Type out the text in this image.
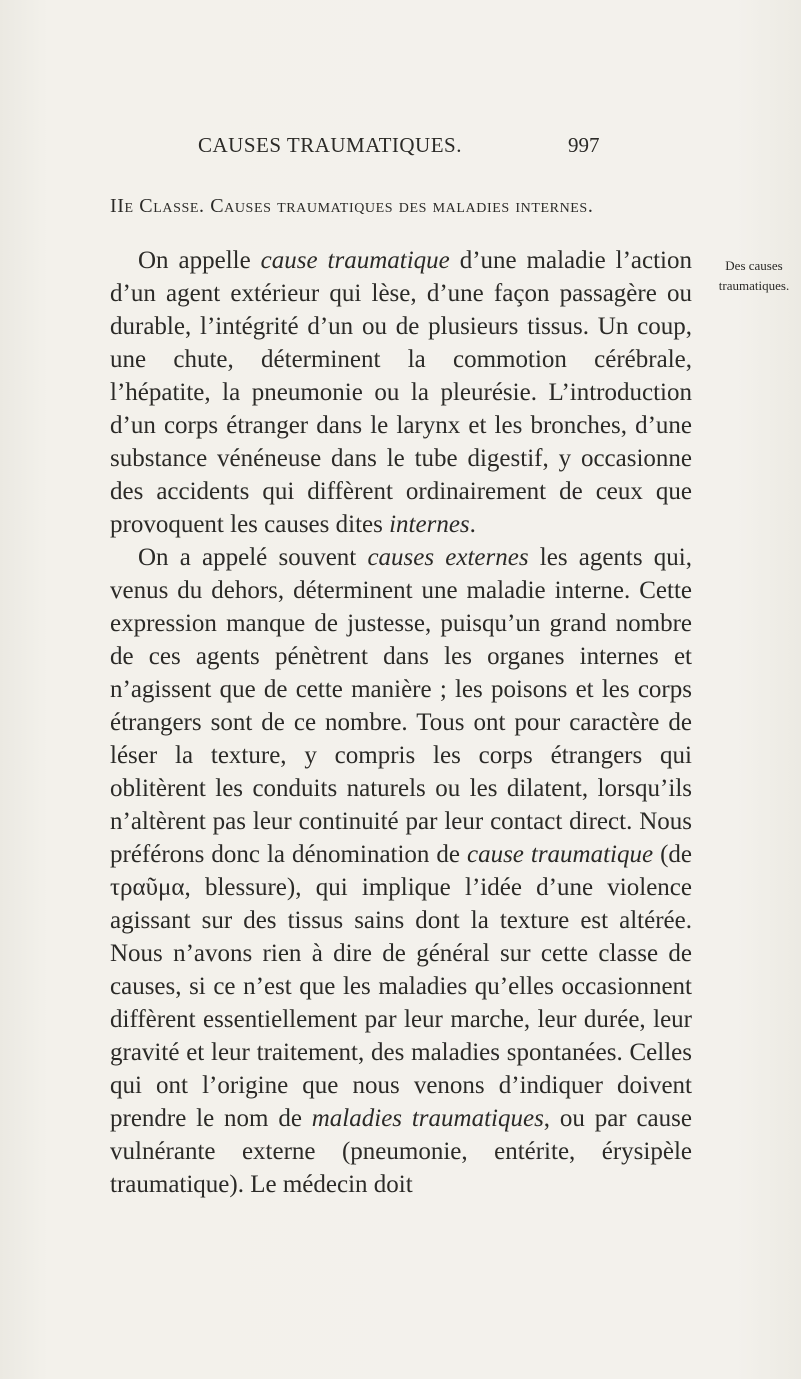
CAUSES TRAUMATIQUES.	997
IIe Classe. Causes traumatiques des maladies internes.
Des causes
traumatiques.

On appelle cause traumatique d’une maladie l’action d’un agent extérieur qui lèse, d’une façon passagère ou durable, l’intégrité d’un ou de plusieurs tissus. Un coup, une chute, déterminent la commotion cérébrale, l’hépatite, la pneumonie ou la pleurésie. L’introduction d’un corps étranger dans le larynx et les bronches, d’une substance vénéneuse dans le tube digestif, y occasionne des accidents qui diffèrent ordinairement de ceux que provoquent les causes dites internes.

On a appelé souvent causes externes les agents qui, venus du dehors, déterminent une maladie interne. Cette expression manque de justesse, puisqu’un grand nombre de ces agents pénètrent dans les organes internes et n’agissent que de cette manière ; les poisons et les corps étrangers sont de ce nombre. Tous ont pour caractère de léser la texture, y compris les corps étrangers qui oblitèrent les conduits naturels ou les dilatent, lorsqu’ils n’altèrent pas leur continuité par leur contact direct. Nous préférons donc la dénomination de cause traumatique (de τραῦμα, blessure), qui implique l’idée d’une violence agissant sur des tissus sains dont la texture est altérée. Nous n’avons rien à dire de général sur cette classe de causes, si ce n’est que les maladies qu’elles occasionnent diffèrent essentiellement par leur marche, leur durée, leur gravité et leur traitement, des maladies spontanées. Celles qui ont l’origine que nous venons d’indiquer doivent prendre le nom de maladies traumatiques, ou par cause vulnérante externe (pneumonie, entérite, érysipèle traumatique). Le médecin doit
